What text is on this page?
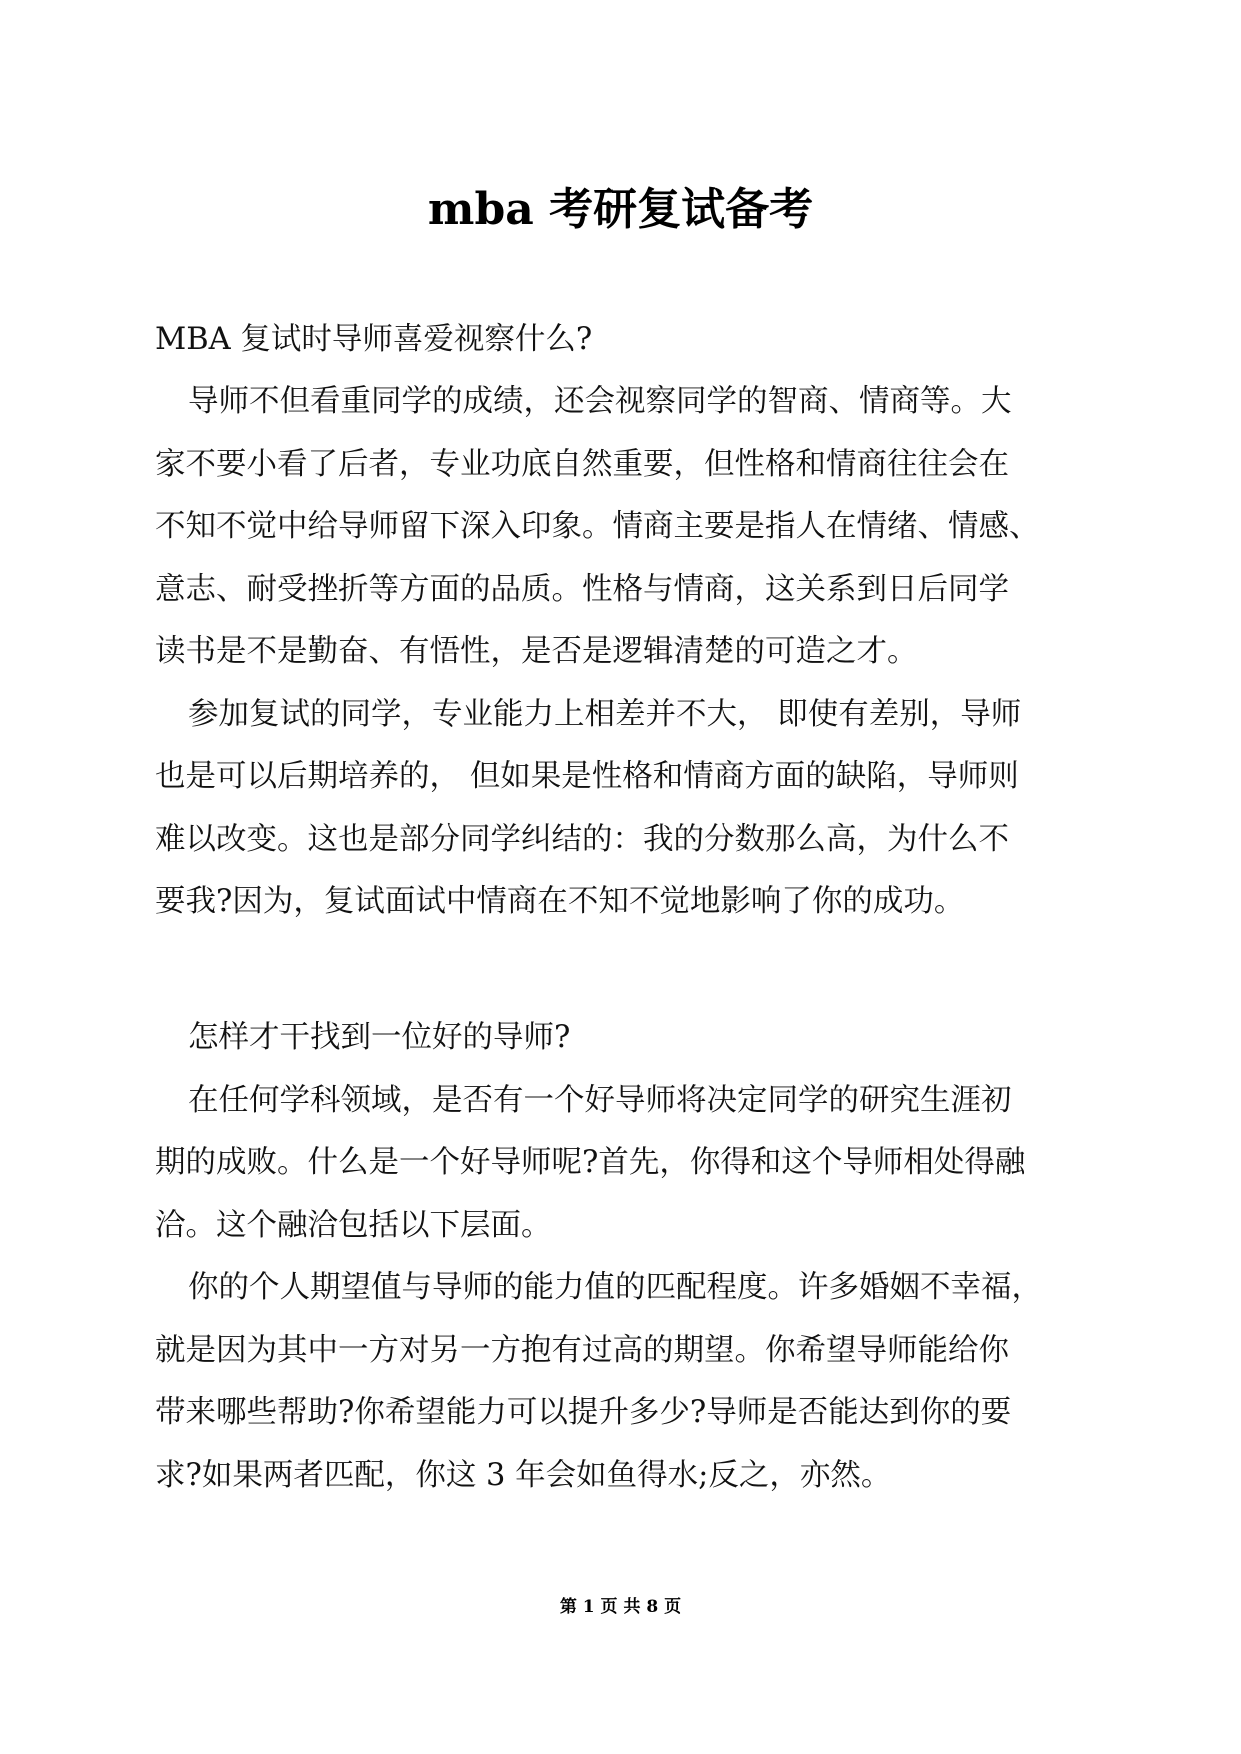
mba 考研复试备考
MBA 复试时导师喜爱视察什么?
导师不但看重同学的成绩，还会视察同学的智商、情商等。大
家不要小看了后者，专业功底自然重要，但性格和情商往往会在
不知不觉中给导师留下深入印象。情商主要是指人在情绪、情感、
意志、耐受挫折等方面的品质。性格与情商，这关系到日后同学
读书是不是勤奋、有悟性，是否是逻辑清楚的可造之才。
参加复试的同学，专业能力上相差并不大， 即使有差别，导师
也是可以后期培养的， 但如果是性格和情商方面的缺陷，导师则
难以改变。这也是部分同学纠结的：我的分数那么高，为什么不
要我?因为，复试面试中情商在不知不觉地影响了你的成功。
怎样才干找到一位好的导师?
在任何学科领域，是否有一个好导师将决定同学的研究生涯初
期的成败。什么是一个好导师呢?首先，你得和这个导师相处得融
洽。这个融洽包括以下层面。
你的个人期望值与导师的能力值的匹配程度。许多婚姻不幸福，
就是因为其中一方对另一方抱有过高的期望。你希望导师能给你
带来哪些帮助?你希望能力可以提升多少?导师是否能达到你的要
求?如果两者匹配，你这 3 年会如鱼得水;反之，亦然。
第 1 页 共 8 页
